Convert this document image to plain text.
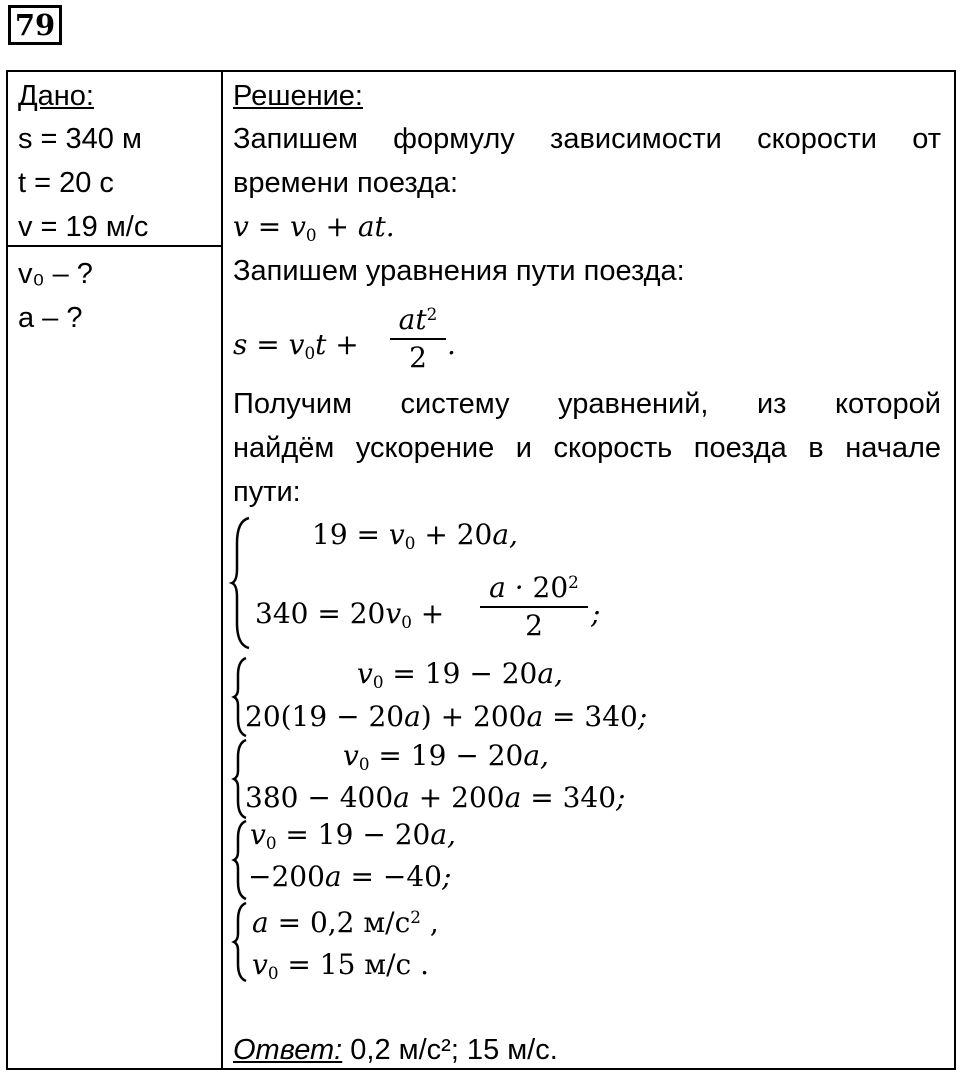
79
Дано:
s = 340 м
t = 20 с
v = 19 м/с
v₀ – ?
a – ?
Решение:
Запишем формулу зависимости скорости от
времени поезда:
$v = v_0$ + at.
Запишем уравнения пути поезда:
$s = v_0t$ +
$at^2$
2 .
Получим систему уравнений, из которой
найдём ускорение и скорость поезда в начале
пути:
$19 = v_0 + 20a$,
$340 = 20v_0$ +
$a \cdot 20^2$
2	;
$v_0 = 19 - 20a$,
20(19 − 20a) + 200a = 340;
$v_0 = 19 - 20a$,
380 − 400a + 200a = 340;
$v_0 = 19 - 20a$,
−200a = −40;
a = 0,2 $м/с^2$ ,
$v_0 = 15$ м/с .
Ответ: 0,2 м/с²; 15 м/с.
